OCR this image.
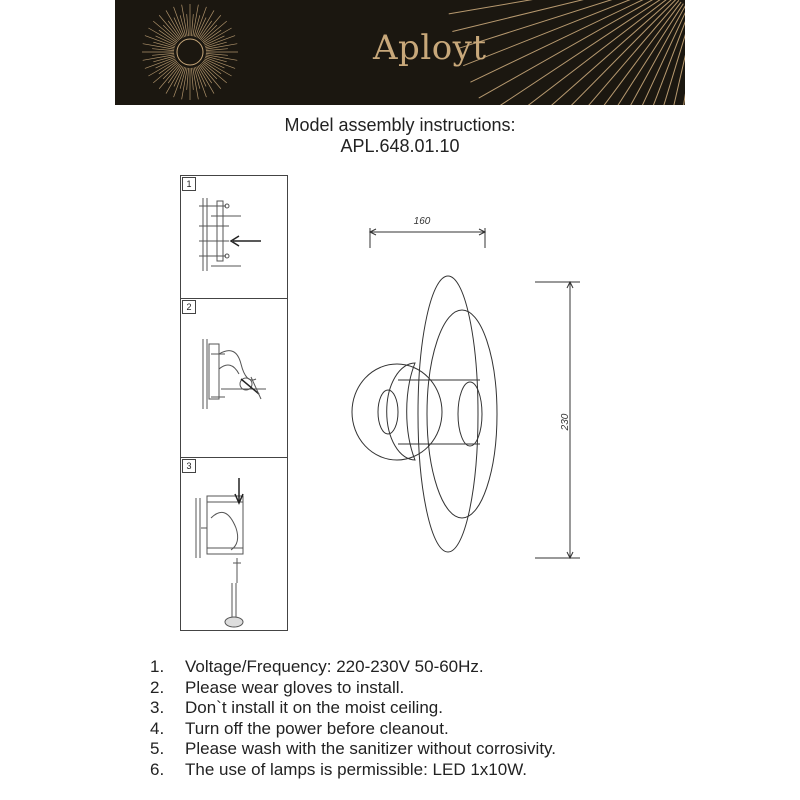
Aployt
Model assembly instructions:
APL.648.01.10
1
2
3
160
230
1.	Voltage/Frequency: 220-230V 50-60Hz.
2.	Please wear gloves to install.
3.	Don`t install it on the moist ceiling.
4.	Turn off the power before cleanout.
5.	Please wash with the sanitizer without corrosivity.
6.	The use of lamps is permissible: LED 1x10W.
